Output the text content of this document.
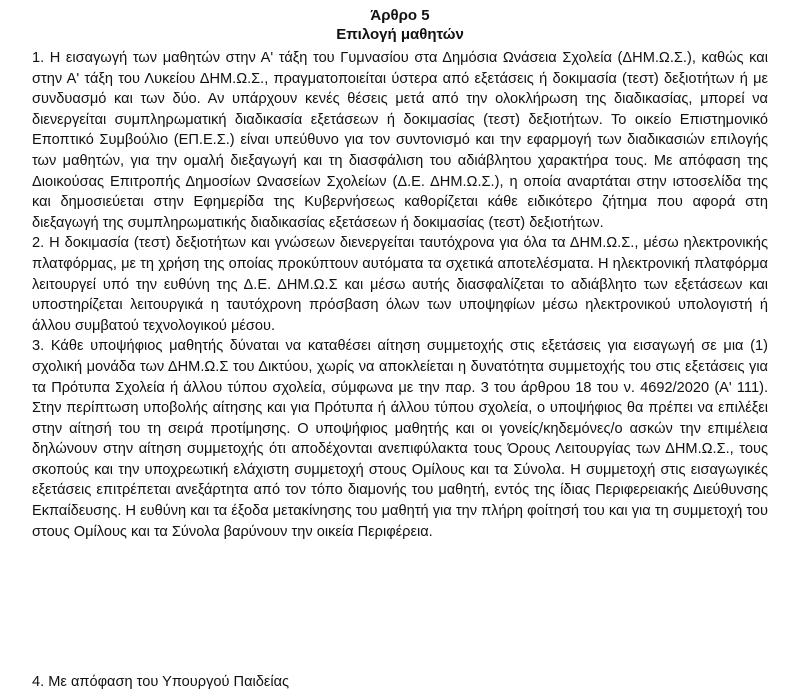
Άρθρο 5

Επιλογή μαθητών

1. Η εισαγωγή των μαθητών στην Α' τάξη του Γυμνασίου στα Δημόσια Ωνάσεια Σχολεία (ΔΗΜ.Ω.Σ.), καθώς και στην Α' τάξη του Λυκείου ΔΗΜ.Ω.Σ., πραγματοποιείται ύστερα από εξετάσεις ή δοκιμασία (τεστ) δεξιοτήτων ή με συνδυασμό και των δύο. Αν υπάρχουν κενές θέσεις μετά από την ολοκλήρωση της διαδικασίας, μπορεί να διενεργείται συμπληρωματική διαδικασία εξετάσεων ή δοκιμασίας (τεστ) δεξιοτήτων. Το οικείο Επιστημονικό Εποπτικό Συμβούλιο (ΕΠ.Ε.Σ.) είναι υπεύθυνο για τον συντονισμό και την εφαρμογή των διαδικασιών επιλογής των μαθητών, για την ομαλή διεξαγωγή και τη διασφάλιση του αδιάβλητου χαρακτήρα τους. Με απόφαση της Διοικούσας Επιτροπής Δημοσίων Ωνασείων Σχολείων (Δ.Ε. ΔΗΜ.Ω.Σ.), η οποία αναρτάται στην ιστοσελίδα της και δημοσιεύεται στην Εφημερίδα της Κυβερνήσεως καθορίζεται κάθε ειδικότερο ζήτημα που αφορά στη διεξαγωγή της συμπληρωματικής διαδικασίας εξετάσεων ή δοκιμασίας (τεστ) δεξιοτήτων.

2. Η δοκιμασία (τεστ) δεξιοτήτων και γνώσεων διενεργείται ταυτόχρονα για όλα τα ΔΗΜ.Ω.Σ., μέσω ηλεκτρονικής πλατφόρμας, με τη χρήση της οποίας προκύπτουν αυτόματα τα σχετικά αποτελέσματα. Η ηλεκτρονική πλατφόρμα λειτουργεί υπό την ευθύνη της Δ.Ε. ΔΗΜ.Ω.Σ και μέσω αυτής διασφαλίζεται το αδιάβλητο των εξετάσεων και υποστηρίζεται λειτουργικά η ταυτόχρονη πρόσβαση όλων των υποψηφίων μέσω ηλεκτρονικού υπολογιστή ή άλλου συμβατού τεχνολογικού μέσου.

3. Κάθε υποψήφιος μαθητής δύναται να καταθέσει αίτηση συμμετοχής στις εξετάσεις για εισαγωγή σε μια (1) σχολική μονάδα των ΔΗΜ.Ω.Σ του Δικτύου, χωρίς να αποκλείεται η δυνατότητα συμμετοχής του στις εξετάσεις για τα Πρότυπα Σχολεία ή άλλου τύπου σχολεία, σύμφωνα με την παρ. 3 του άρθρου 18 του ν. 4692/2020 (Α' 111). Στην περίπτωση υποβολής αίτησης και για Πρότυπα ή άλλου τύπου σχολεία, ο υποψήφιος θα πρέπει να επιλέξει στην αίτησή του τη σειρά προτίμησης. Ο υποψήφιος μαθητής και οι γονείς/κηδεμόνες/ο ασκών την επιμέλεια δηλώνουν στην αίτηση συμμετοχής ότι αποδέχονται ανεπιφύλακτα τους Όρους Λειτουργίας των ΔΗΜ.Ω.Σ., τους σκοπούς και την υποχρεωτική ελάχιστη συμμετοχή στους Ομίλους και τα Σύνολα. Η συμμετοχή στις εισαγωγικές εξετάσεις επιτρέπεται ανεξάρτητα από τον τόπο διαμονής του μαθητή, εντός της ίδιας Περιφερειακής Διεύθυνσης Εκπαίδευσης. Η ευθύνη και τα έξοδα μετακίνησης του μαθητή για την πλήρη φοίτησή του και για τη συμμετοχή του στους Ομίλους και τα Σύνολα βαρύνουν την οικεία Περιφέρεια.

4. Με απόφαση του Υπουργού Παιδείας
